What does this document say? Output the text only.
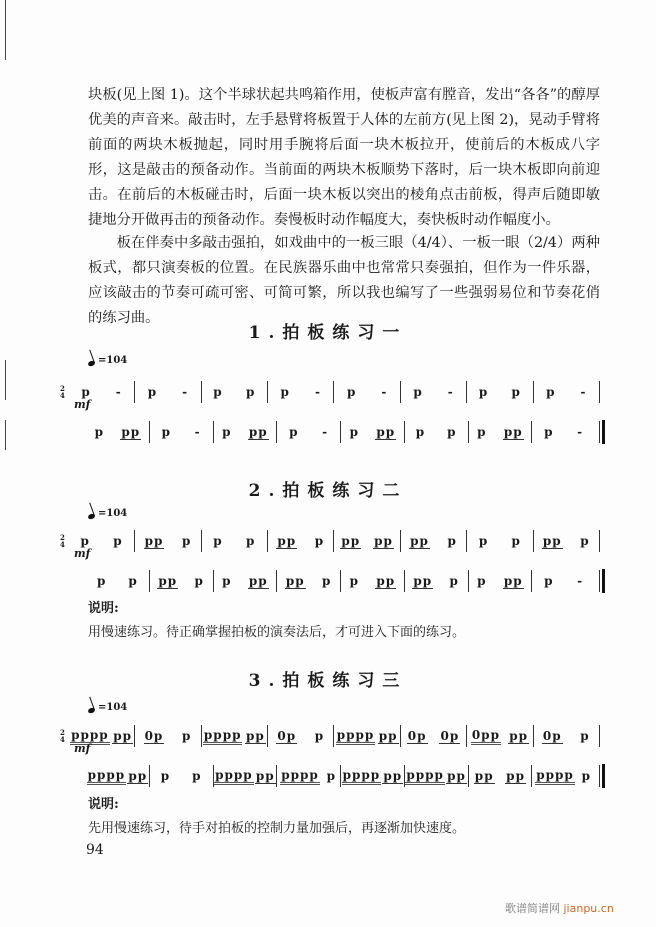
块板(见上图 1)。这个半球状起共鸣箱作用，使板声富有膛音，发出“各各”的醇厚优美的声音来。敲击时，左手悬臂将板置于人体的左前方(见上图 2)，晃动手臂将前面的两块木板抛起，同时用手腕将后面一块木板拉开，使前后的木板成八字形，这是敲击的预备动作。当前面的两块木板顺势下落时，后一块木板即向前迎击。在前后的木板碰击时，后面一块木板以突出的棱角点击前板，得声后随即敏捷地分开做再击的预备动作。奏慢板时动作幅度大，奏快板时动作幅度小。
板在伴奏中多敲击强拍，如戏曲中的一板三眼（4/4）、一板一眼（2/4）两种板式，都只演奏板的位置。在民族器乐曲中也常常只奏强拍，但作为一件乐器，应该敲击的节奏可疏可密、可简可繁，所以我也编写了一些强弱易位和节奏花俏的练习曲。
1.拍板练习一
=104
2
4 p - p - p p p - p - p - p p p -
p pp p - p pp p - p pp p p p pp p -
mf
2.拍板练习二
=104
2
4 p p pp p p p pp p pp pp pp p p p pp p
p p pp p p pp pp p p pp pp p p pp p -
mf
说明:
用慢速练习。待正确掌握拍板的演奏法后，才可进入下面的练习。
3.拍板练习三
=104
2
4 pppp pp 0p p pppp pp 0p p pppp pp 0p 0p 0pp pp 0p p
pppp pp p p pppp pp pppp p pppp pp pppp pp pp pp pppp p
mf
说明:
先用慢速练习，待手对拍板的控制力量加强后，再逐渐加快速度。
94
歌谱简谱网 jianpu.cn
